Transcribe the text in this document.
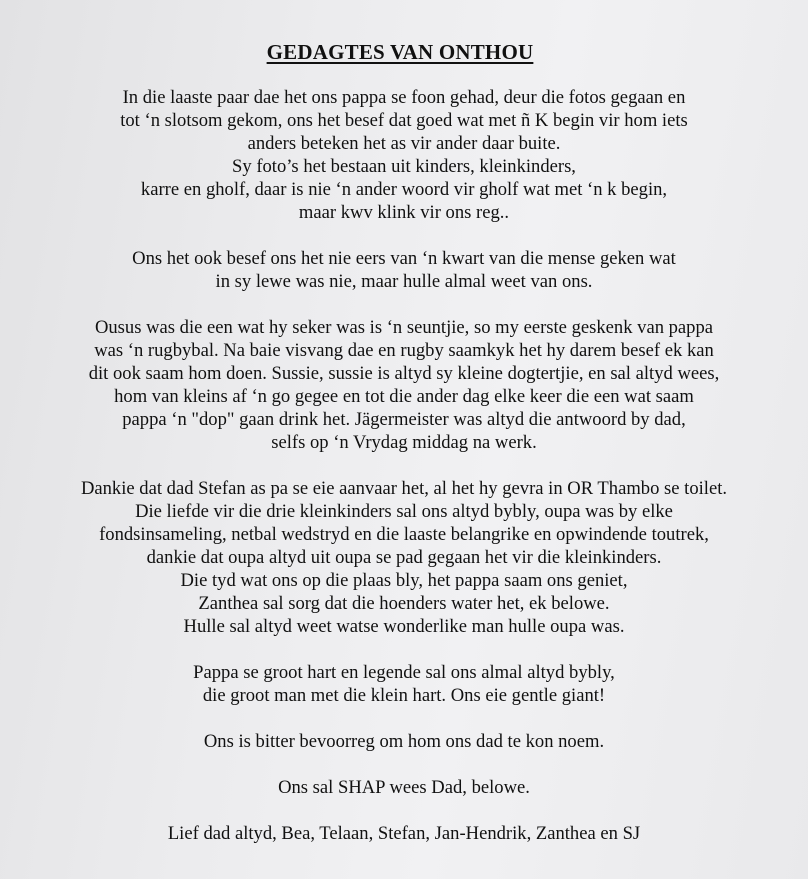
GEDAGTES VAN ONTHOU
In die laaste paar dae het ons pappa se foon gehad, deur die fotos gegaan en
tot ‘n slotsom gekom, ons het besef dat goed wat met ñ K begin vir hom iets
anders beteken het as vir ander daar buite.
Sy foto’s het bestaan uit kinders, kleinkinders,
karre en gholf, daar is nie ‘n ander woord vir gholf wat met ‘n k begin,
maar kwv klink vir ons reg..
Ons het ook besef ons het nie eers van ‘n kwart van die mense geken wat
in sy lewe was nie, maar hulle almal weet van ons.
Ousus was die een wat hy seker was is ‘n seuntjie, so my eerste geskenk van pappa
was ‘n rugbybal. Na baie visvang dae en rugby saamkyk het hy darem besef ek kan
dit ook saam hom doen. Sussie, sussie is altyd sy kleine dogtertjie, en sal altyd wees,
hom van kleins af ‘n go gegee en tot die ander dag elke keer die een wat saam
pappa ‘n "dop" gaan drink het. Jägermeister was altyd die antwoord by dad,
selfs op ‘n Vrydag middag na werk.
Dankie dat dad Stefan as pa se eie aanvaar het, al het hy gevra in OR Thambo se toilet.
Die liefde vir die drie kleinkinders sal ons altyd bybly, oupa was by elke
fondsinsameling, netbal wedstryd en die laaste belangrike en opwindende toutrek,
dankie dat oupa altyd uit oupa se pad gegaan het vir die kleinkinders.
Die tyd wat ons op die plaas bly, het pappa saam ons geniet,
Zanthea sal sorg dat die hoenders water het, ek belowe.
Hulle sal altyd weet watse wonderlike man hulle oupa was.
Pappa se groot hart en legende sal ons almal altyd bybly,
die groot man met die klein hart. Ons eie gentle giant!
Ons is bitter bevoorreg om hom ons dad te kon noem.
Ons sal SHAP wees Dad, belowe.
Lief dad altyd, Bea, Telaan, Stefan, Jan-Hendrik, Zanthea en SJ
